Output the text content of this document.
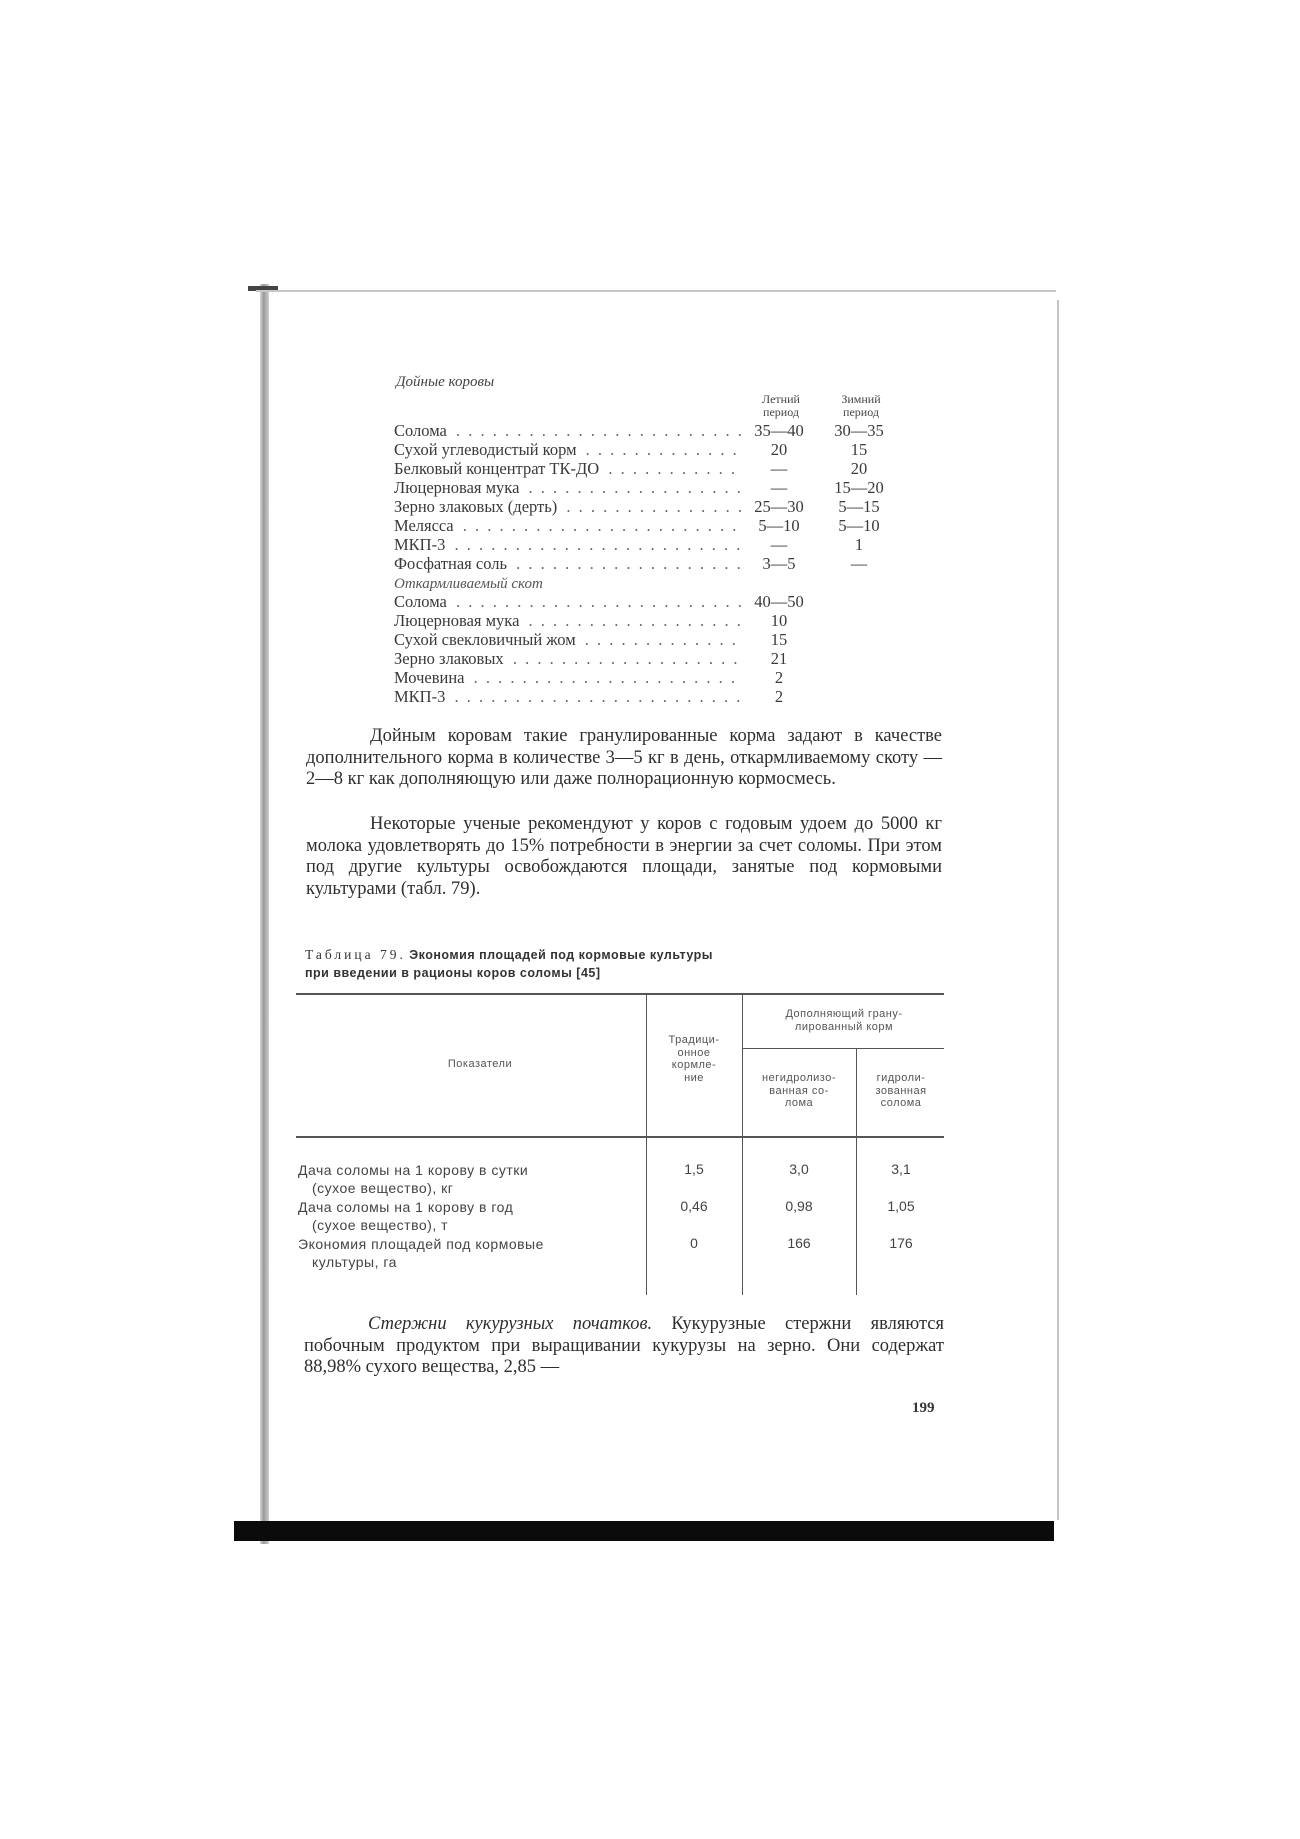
Дойные коровы
Летний
период
Зимний
период
Солома . . .	35—40	30—35
Сухой углеводистый корм . . .	20	15
Белковый концентрат ТК-ДО . . .	—	20
Люцерновая мука . . .	—	15—20
Зерно злаковых (дерть) . . .	25—30	5—15
Меляссa . . .	5—10	5—10
МКП-3 . . .	—	1
Фосфатная соль . . .	3—5	—
Откармливаемый скот
Солома . . .	40—50
Люцерновая мука . . .	10
Сухой свекловичный жом . . .	15
Зерно злаковых . . .	21
Мочевина . . .	2
МКП-3 . . .	2
Дойным коровам такие гранулированные корма задают в качестве дополнительного корма в количестве 3—5 кг в день, откармливаемому скоту — 2—8 кг как дополняющую или даже полнорационную кормосмесь.
Некоторые ученые рекомендуют у коров с годовым удоем до 5000 кг молока удовлетворять до 15% потребности в энергии за счет соломы. При этом под другие культуры освобождаются площади, занятые под кормовыми культурами (табл. 79).
Таблица 79. Экономия площадей под кормовые культуры
при введении в рационы коров соломы [45]
Показатели
Традици-
онное
кормле-
ние
Дополняющий грану-
лированный корм
негидролизо-
ванная со-
лома
гидроли-
зованная
солома
Дача соломы на 1 корову в сутки
(сухое вещество), кг
1,5	3,0	3,1
Дача соломы на 1 корову в год
(сухое вещество), т
0,46	0,98	1,05
Экономия площадей под кормовые
культуры, га
0	166	176
Стержни кукурузных початков. Кукурузные стержни являются побочным продуктом при выращивании кукурузы на зерно. Они содержат 88,98% сухого вещества, 2,85 —
199
